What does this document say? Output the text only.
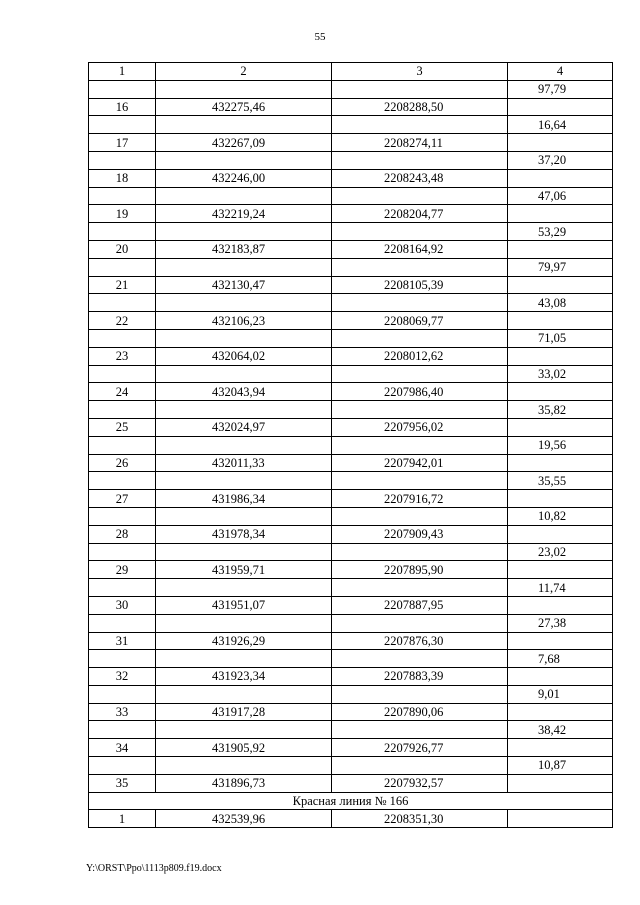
55
1	2	3	4
			97,79
16	432275,46	2208288,50	
			16,64
17	432267,09	2208274,11	
			37,20
18	432246,00	2208243,48	
			47,06
19	432219,24	2208204,77	
			53,29
20	432183,87	2208164,92	
			79,97
21	432130,47	2208105,39	
			43,08
22	432106,23	2208069,77	
			71,05
23	432064,02	2208012,62	
			33,02
24	432043,94	2207986,40	
			35,82
25	432024,97	2207956,02	
			19,56
26	432011,33	2207942,01	
			35,55
27	431986,34	2207916,72	
			10,82
28	431978,34	2207909,43	
			23,02
29	431959,71	2207895,90	
			11,74
30	431951,07	2207887,95	
			27,38
31	431926,29	2207876,30	
			7,68
32	431923,34	2207883,39	
			9,01
33	431917,28	2207890,06	
			38,42
34	431905,92	2207926,77	
			10,87
35	431896,73	2207932,57	
Красная линия № 166			
1	432539,96	2208351,30	
Y:\ORST\Ppo\1113p809.f19.docx
